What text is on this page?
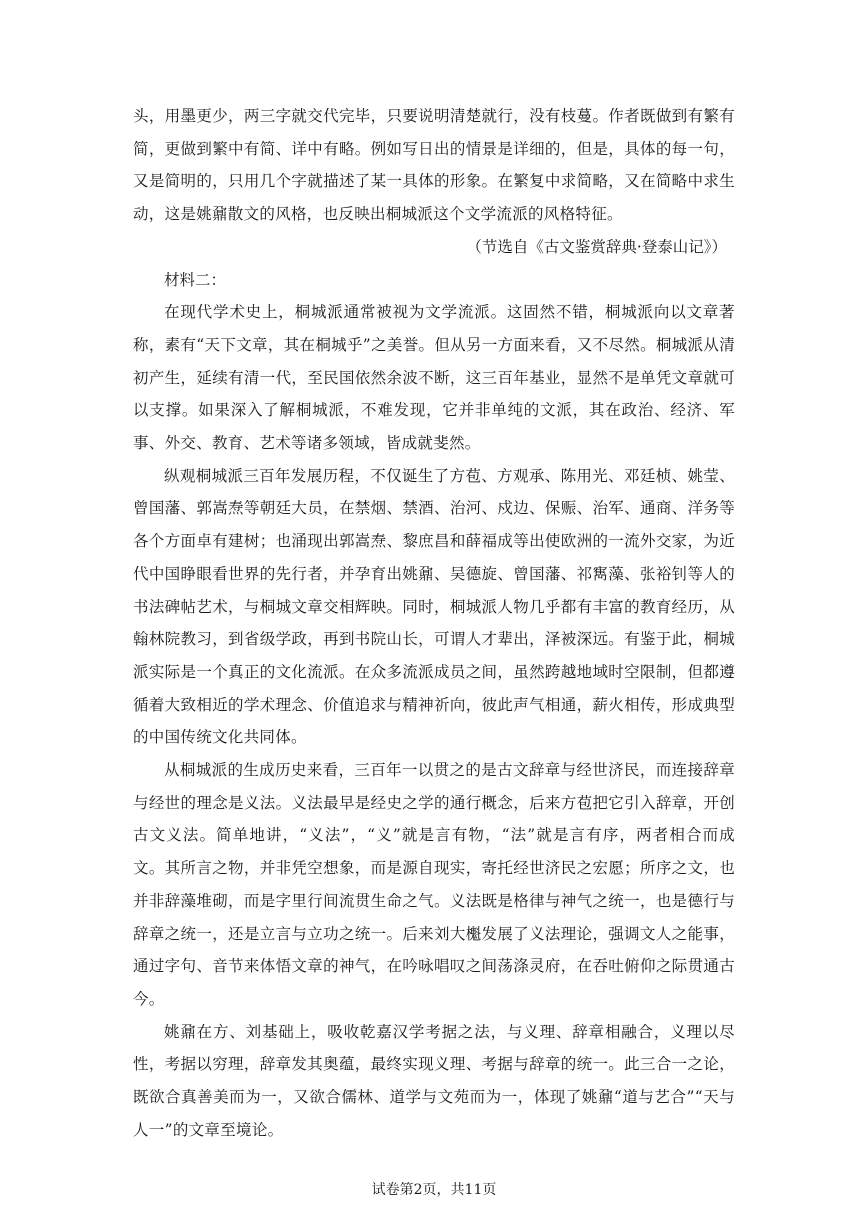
头，用墨更少，两三字就交代完毕，只要说明清楚就行，没有枝蔓。作者既做到有繁有简，更做到繁中有简、详中有略。例如写日出的情景是详细的，但是，具体的每一句，又是简明的，只用几个字就描述了某一具体的形象。在繁复中求简略，又在简略中求生动，这是姚鼐散文的风格，也反映出桐城派这个文学流派的风格特征。

（节选自《古文鉴赏辞典·登泰山记》）

材料二：

在现代学术史上，桐城派通常被视为文学流派。这固然不错，桐城派向以文章著称，素有“天下文章，其在桐城乎”之美誉。但从另一方面来看，又不尽然。桐城派从清初产生，延续有清一代，至民国依然余波不断，这三百年基业，显然不是单凭文章就可以支撑。如果深入了解桐城派，不难发现，它并非单纯的文派，其在政治、经济、军事、外交、教育、艺术等诸多领域，皆成就斐然。

纵观桐城派三百年发展历程，不仅诞生了方苞、方观承、陈用光、邓廷桢、姚莹、曾国藩、郭嵩焘等朝廷大员，在禁烟、禁酒、治河、戍边、保赈、治军、通商、洋务等各个方面卓有建树；也涌现出郭嵩焘、黎庶昌和薛福成等出使欧洲的一流外交家，为近代中国睁眼看世界的先行者，并孕育出姚鼐、吴德旋、曾国藩、祁寯藻、张裕钊等人的书法碑帖艺术，与桐城文章交相辉映。同时，桐城派人物几乎都有丰富的教育经历，从翰林院教习，到省级学政，再到书院山长，可谓人才辈出，泽被深远。有鉴于此，桐城派实际是一个真正的文化流派。在众多流派成员之间，虽然跨越地域时空限制，但都遵循着大致相近的学术理念、价值追求与精神祈向，彼此声气相通，薪火相传，形成典型的中国传统文化共同体。

从桐城派的生成历史来看，三百年一以贯之的是古文辞章与经世济民，而连接辞章与经世的理念是义法。义法最早是经史之学的通行概念，后来方苞把它引入辞章，开创古文义法。简单地讲，“义法”，“义”就是言有物，“法”就是言有序，两者相合而成文。其所言之物，并非凭空想象，而是源自现实，寄托经世济民之宏愿；所序之文，也并非辞藻堆砌，而是字里行间流贯生命之气。义法既是格律与神气之统一，也是德行与辞章之统一，还是立言与立功之统一。后来刘大櫆发展了义法理论，强调文人之能事，通过字句、音节来体悟文章的神气，在吟咏唱叹之间荡涤灵府，在吞吐俯仰之际贯通古今。

姚鼐在方、刘基础上，吸收乾嘉汉学考据之法，与义理、辞章相融合，义理以尽性，考据以穷理，辞章发其奥蕴，最终实现义理、考据与辞章的统一。此三合一之论，既欲合真善美而为一，又欲合儒林、道学与文苑而为一，体现了姚鼐“道与艺合”“天与人一”的文章至境论。

试卷第2页，共11页
